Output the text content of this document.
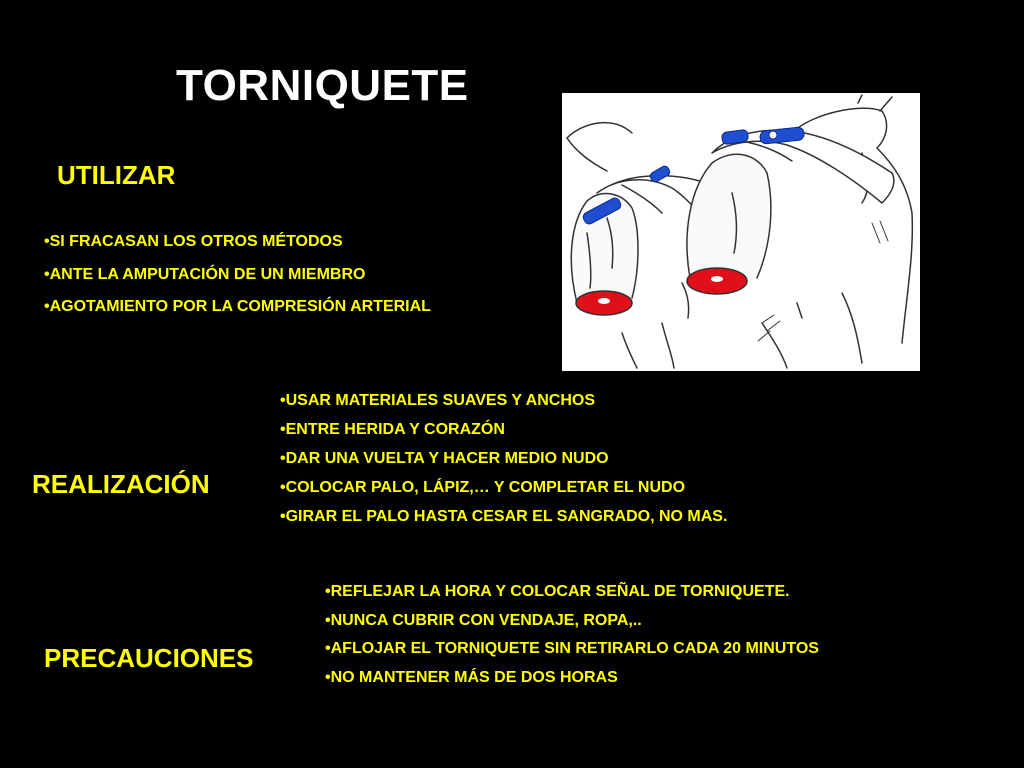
TORNIQUETE
UTILIZAR
• SI FRACASAN LOS OTROS MÉTODOS
• ANTE LA AMPUTACIÓN DE UN MIEMBRO
• AGOTAMIENTO POR LA COMPRESIÓN ARTERIAL
REALIZACIÓN
• USAR MATERIALES SUAVES Y ANCHOS
• ENTRE HERIDA Y CORAZÓN
• DAR UNA VUELTA Y HACER MEDIO NUDO
• COLOCAR PALO, LÁPIZ,… Y COMPLETAR EL NUDO
• GIRAR EL PALO HASTA CESAR EL SANGRADO, NO MAS.
PRECAUCIONES
• REFLEJAR LA HORA Y COLOCAR SEÑAL DE TORNIQUETE.
• NUNCA CUBRIR CON VENDAJE, ROPA,..
• AFLOJAR EL TORNIQUETE SIN RETIRARLO CADA 20 MINUTOS
• NO MANTENER MÁS DE DOS HORAS
